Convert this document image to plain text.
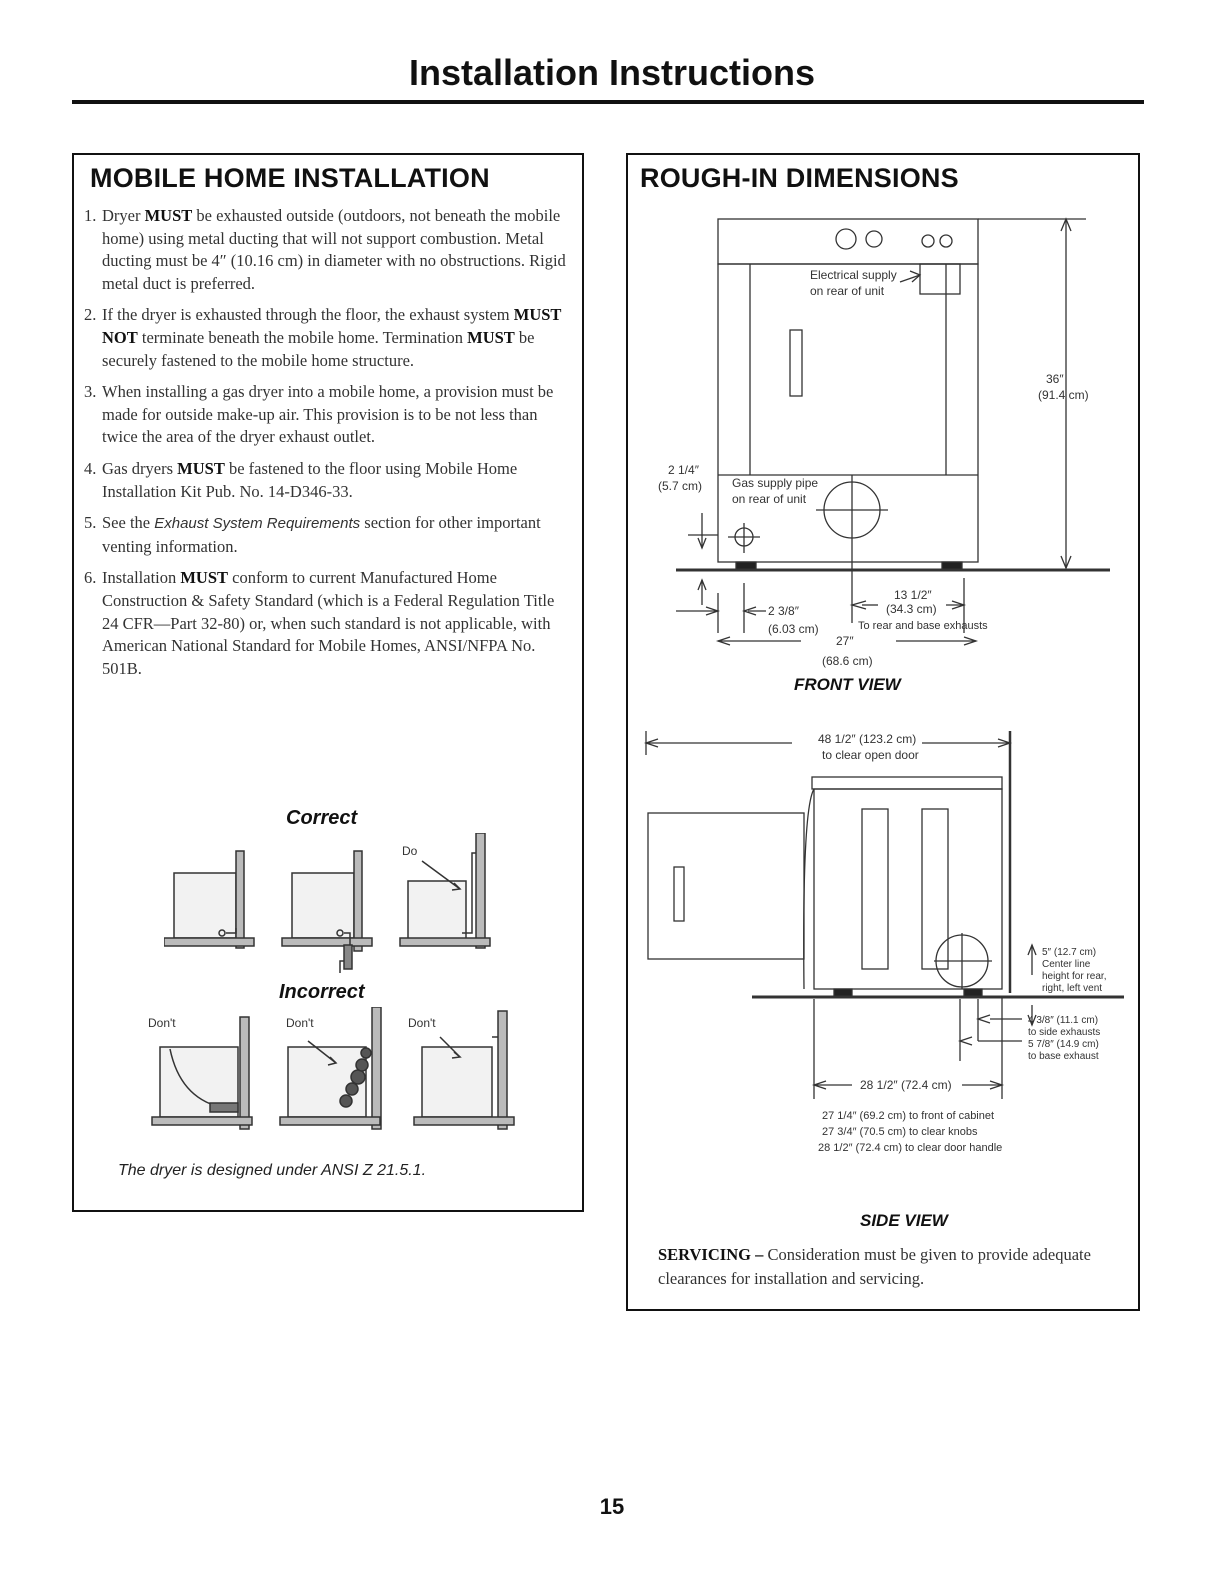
Installation Instructions
MOBILE HOME INSTALLATION
1. Dryer MUST be exhausted outside (outdoors, not beneath the mobile home) using metal ducting that will not support combustion. Metal ducting must be 4″ (10.16 cm) in diameter with no obstructions. Rigid metal duct is preferred.
2. If the dryer is exhausted through the floor, the exhaust system MUST NOT terminate beneath the mobile home. Termination MUST be securely fastened to the mobile home structure.
3. When installing a gas dryer into a mobile home, a provision must be made for outside make-up air. This provision is to be not less than twice the area of the dryer exhaust outlet.
4. Gas dryers MUST be fastened to the floor using Mobile Home Installation Kit Pub. No. 14-D346-33.
5. See the Exhaust System Requirements section for other important venting information.
6. Installation MUST conform to current Manufactured Home Construction & Safety Standard (which is a Federal Regulation Title 24 CFR—Part 32-80) or, when such standard is not applicable, with American National Standard for Mobile Homes, ANSI/NFPA No. 501B.
Correct
Do
Incorrect
Don't	Don't	Don't
The dryer is designed under ANSI Z 21.5.1.
ROUGH-IN DIMENSIONS
Electrical supply
on rear of unit
36″
(91.4 cm)
2 1/4″
(5.7 cm) Gas supply pipe
on rear of unit
2 3/8″
(6.03 cm)
13 1/2″
(34.3 cm)
To rear and base exhausts
27″
(68.6 cm)
FRONT VIEW
48 1/2″ (123.2 cm)
to clear open door
5″ (12.7 cm)
Center line
height for rear,
right, left vent
4 3/8″ (11.1 cm)
to side exhausts
5 7/8″ (14.9 cm)
to base exhaust
28 1/2″ (72.4 cm)
27 1/4″ (69.2 cm) to front of cabinet
27 3/4″ (70.5 cm) to clear knobs
28 1/2″ (72.4 cm) to clear door handle
SIDE VIEW
SERVICING – Consideration must be given to provide adequate clearances for installation and servicing.
15
